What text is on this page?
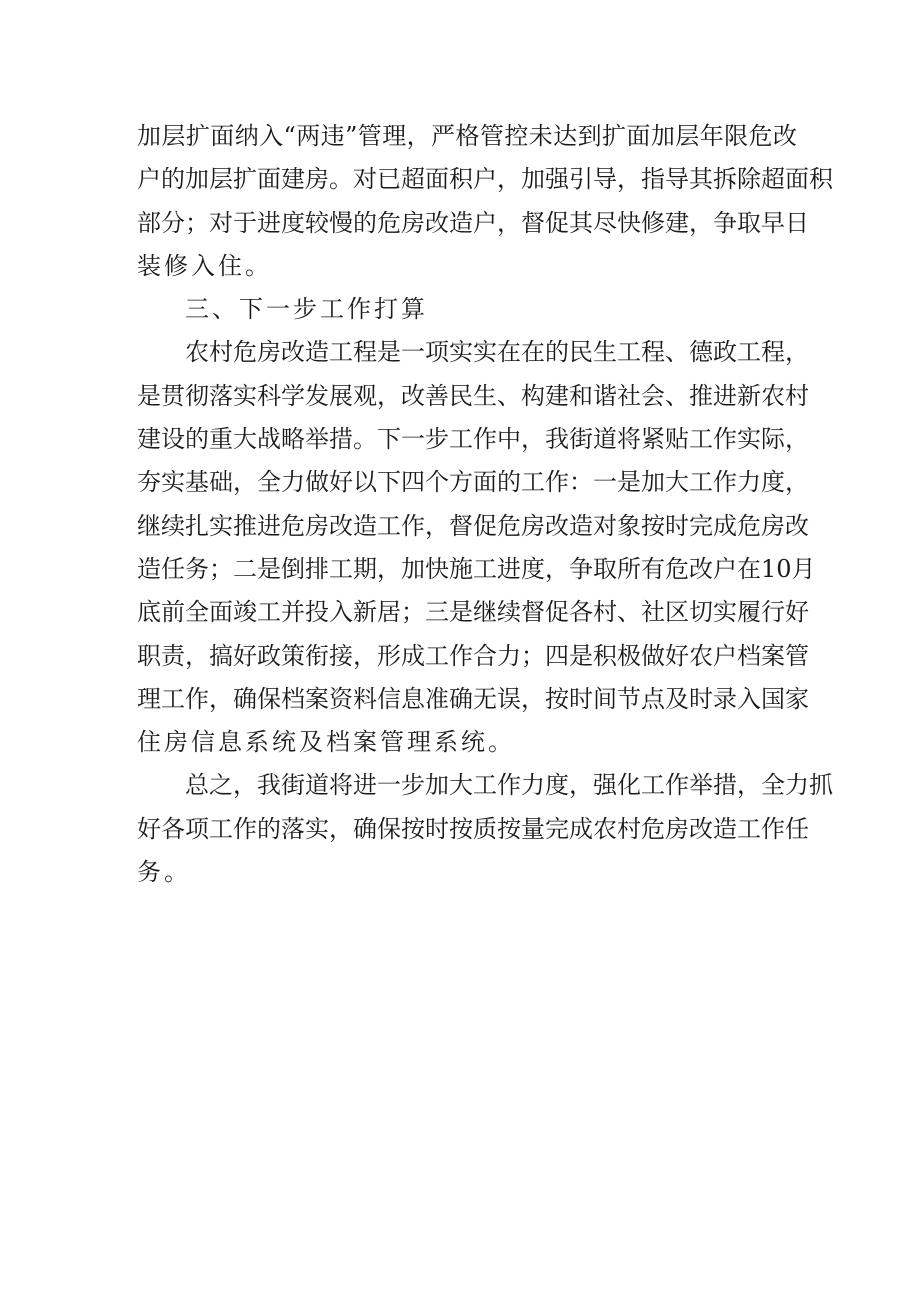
加 层 扩 面 纳 入 “ 两 违 ” 管 理 ， 严 格 管 控 未 达 到 扩 面 加 层 年 限 危 改
户 的 加 层 扩 面 建 房 。 对 已 超 面 积 户 ， 加 强 引 导 ， 指 导 其 拆 除 超 面 积
部 分 ； 对 于 进 度 较 慢 的 危 房 改 造 户 ， 督 促 其 尽 快 修 建 ， 争 取 早 日
装修入住。
三、下一步工作打算
农 村 危 房 改 造 工 程 是 一 项 实 实 在 在 的 民 生 工 程 、 德 政 工 程 ，
是 贯 彻 落 实 科 学 发 展 观 ， 改 善 民 生 、 构 建 和 谐 社 会 、 推 进 新 农 村
建 设 的 重 大 战 略 举 措 。 下 一 步 工 作 中 ， 我 街 道 将 紧 贴 工 作 实 际 ，
夯 实 基 础 ， 全 力 做 好 以 下 四 个 方 面 的 工 作 ： 一 是 加 大 工 作 力 度 ，
继 续 扎 实 推 进 危 房 改 造 工 作 ， 督 促 危 房 改 造 对 象 按 时 完 成 危 房 改
造 任 务 ； 二 是 倒 排 工 期 ， 加 快 施 工 进 度 ， 争 取 所 有 危 改 户 在 10 月
底 前 全 面 竣 工 并 投 入 新 居 ； 三 是 继 续 督 促 各 村 、 社 区 切 实 履 行 好
职 责 ， 搞 好 政 策 衔 接 ， 形 成 工 作 合 力 ； 四 是 积 极 做 好 农 户 档 案 管
理 工 作 ， 确 保 档 案 资 料 信 息 准 确 无 误 ， 按 时 间 节 点 及 时 录 入 国 家
住房信息系统及档案管理系统。
总 之 ， 我 街 道 将 进 一 步 加 大 工 作 力 度 ， 强 化 工 作 举 措 ， 全 力 抓
好 各 项 工 作 的 落 实 ， 确 保 按 时 按 质 按 量 完 成 农 村 危 房 改 造 工 作 任
务。
